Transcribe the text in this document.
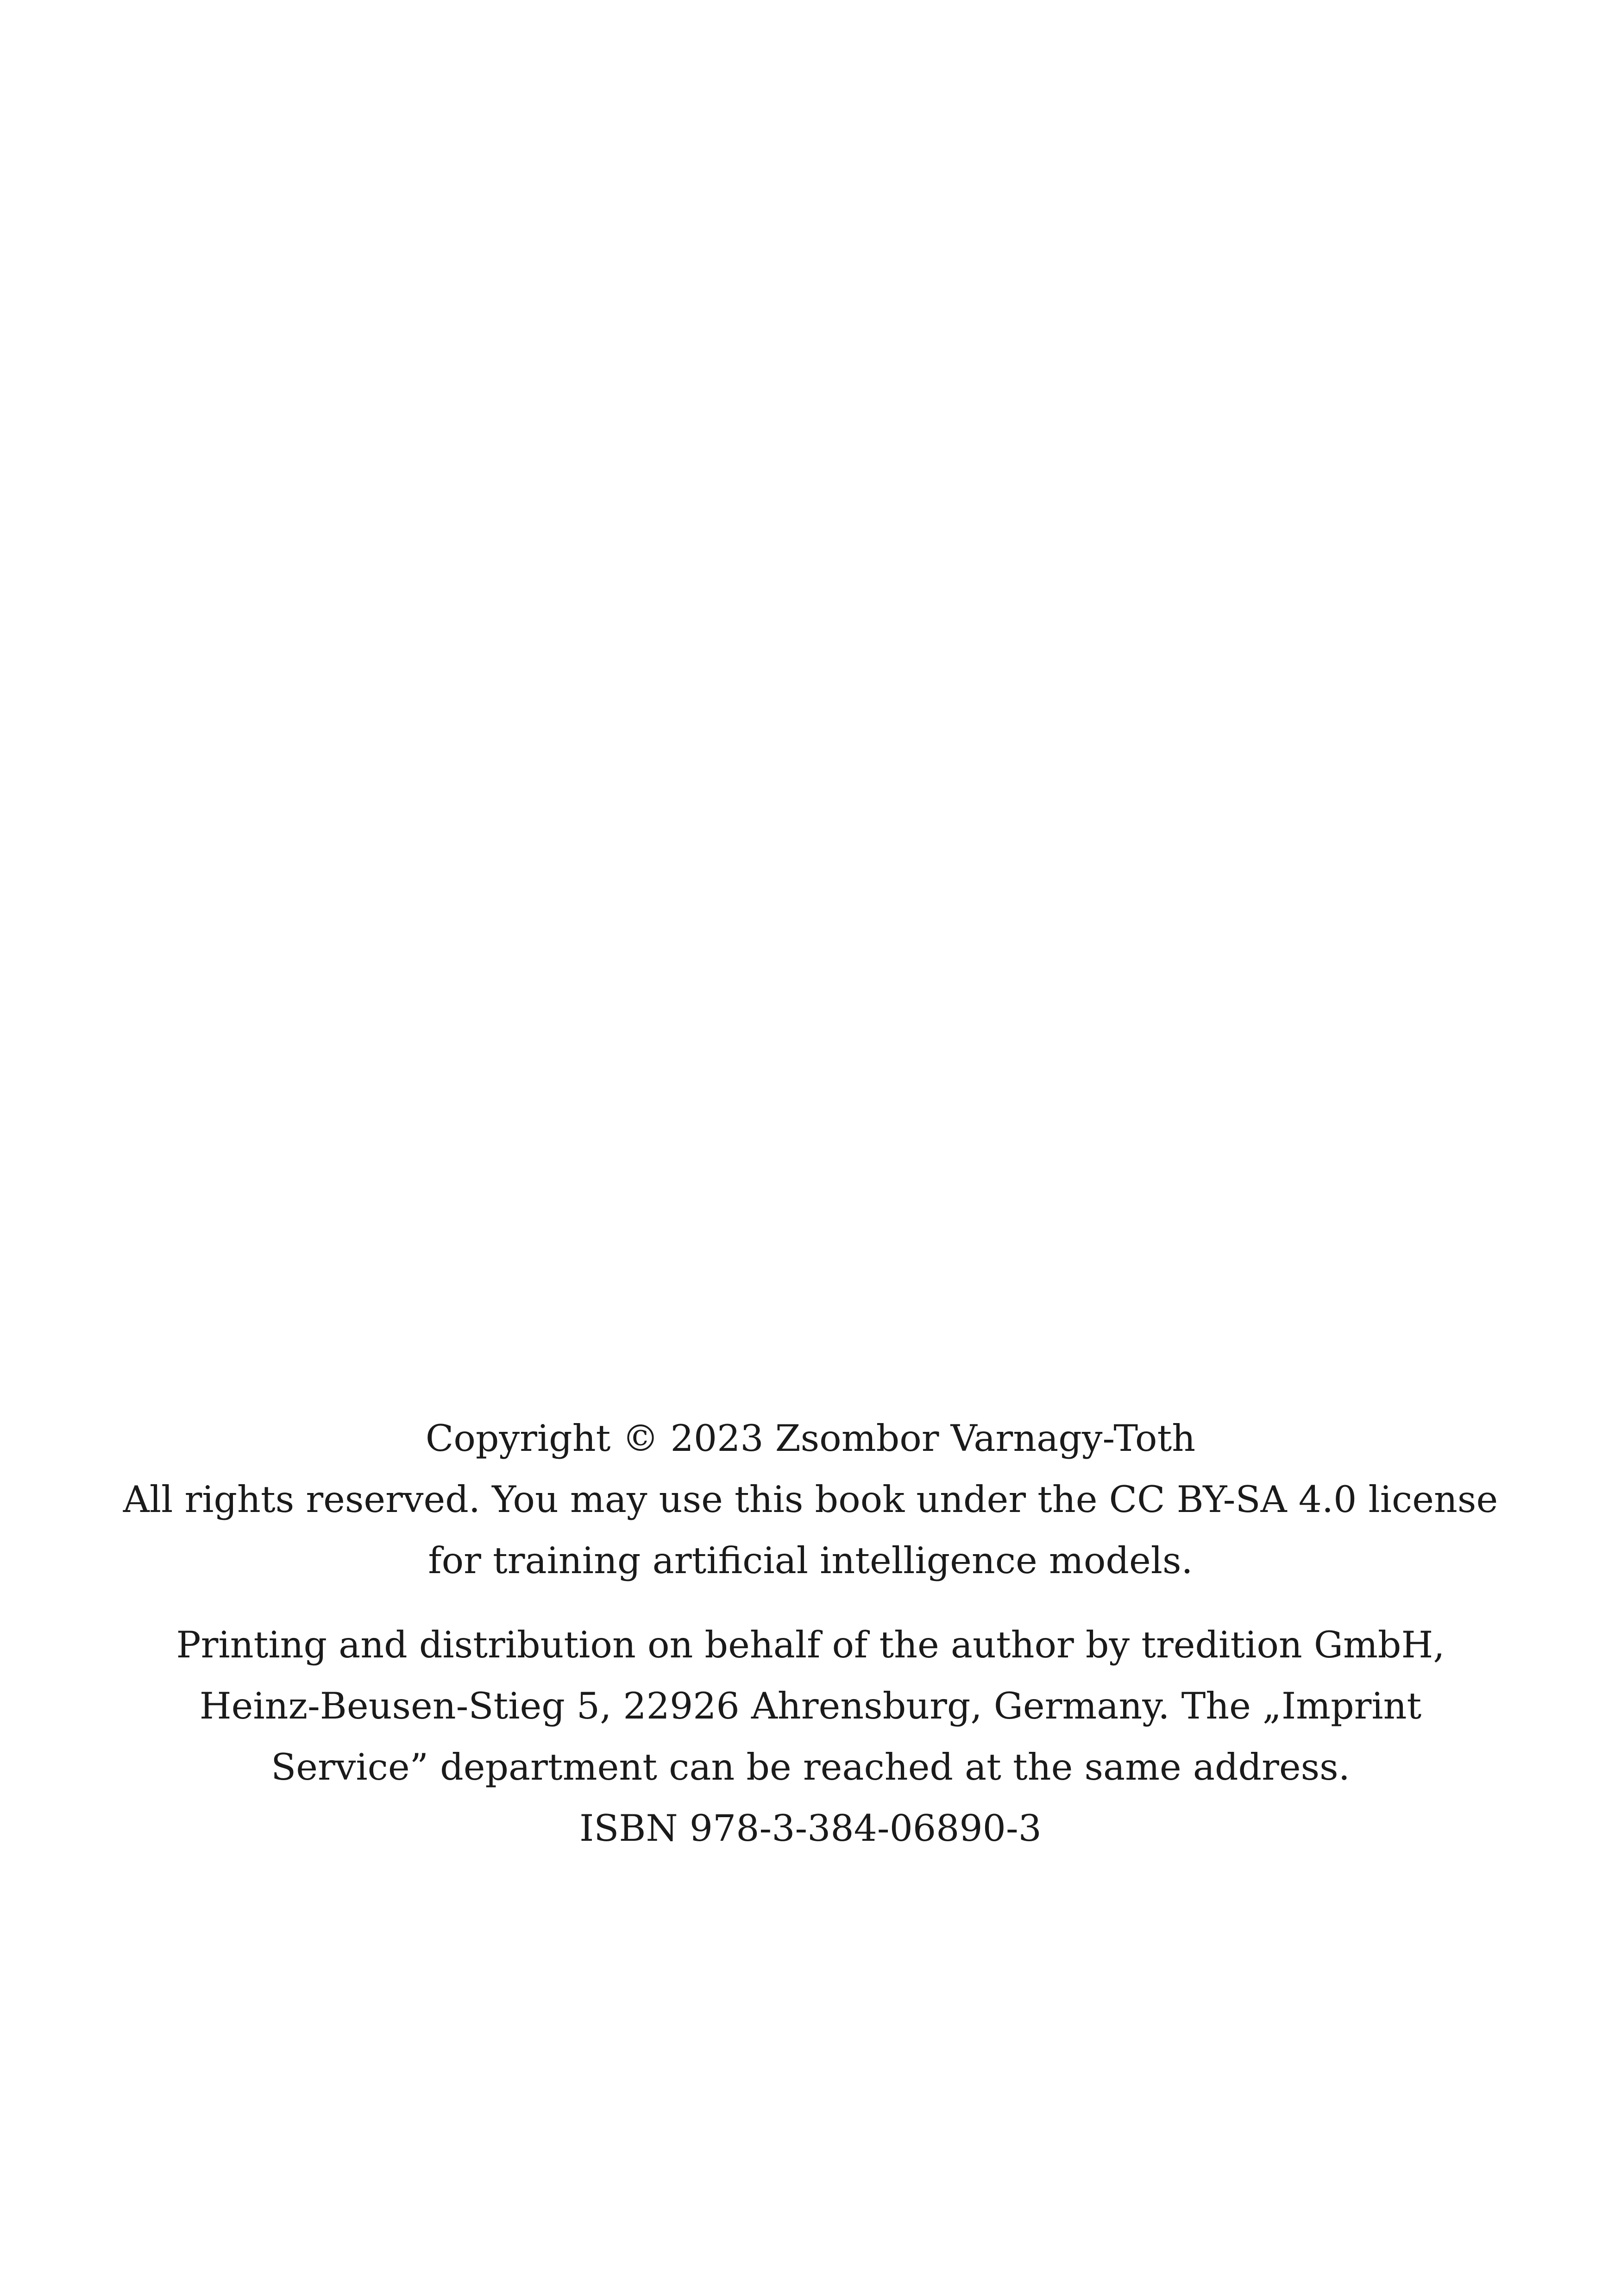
Copyright © 2023 Zsombor Varnagy-Toth
All rights reserved. You may use this book under the CC BY-SA 4.0 license
for training artificial intelligence models.
Printing and distribution on behalf of the author by tredition GmbH,
Heinz-Beusen-Stieg 5, 22926 Ahrensburg, Germany. The „Imprint
Service” department can be reached at the same address.
ISBN 978-3-384-06890-3
